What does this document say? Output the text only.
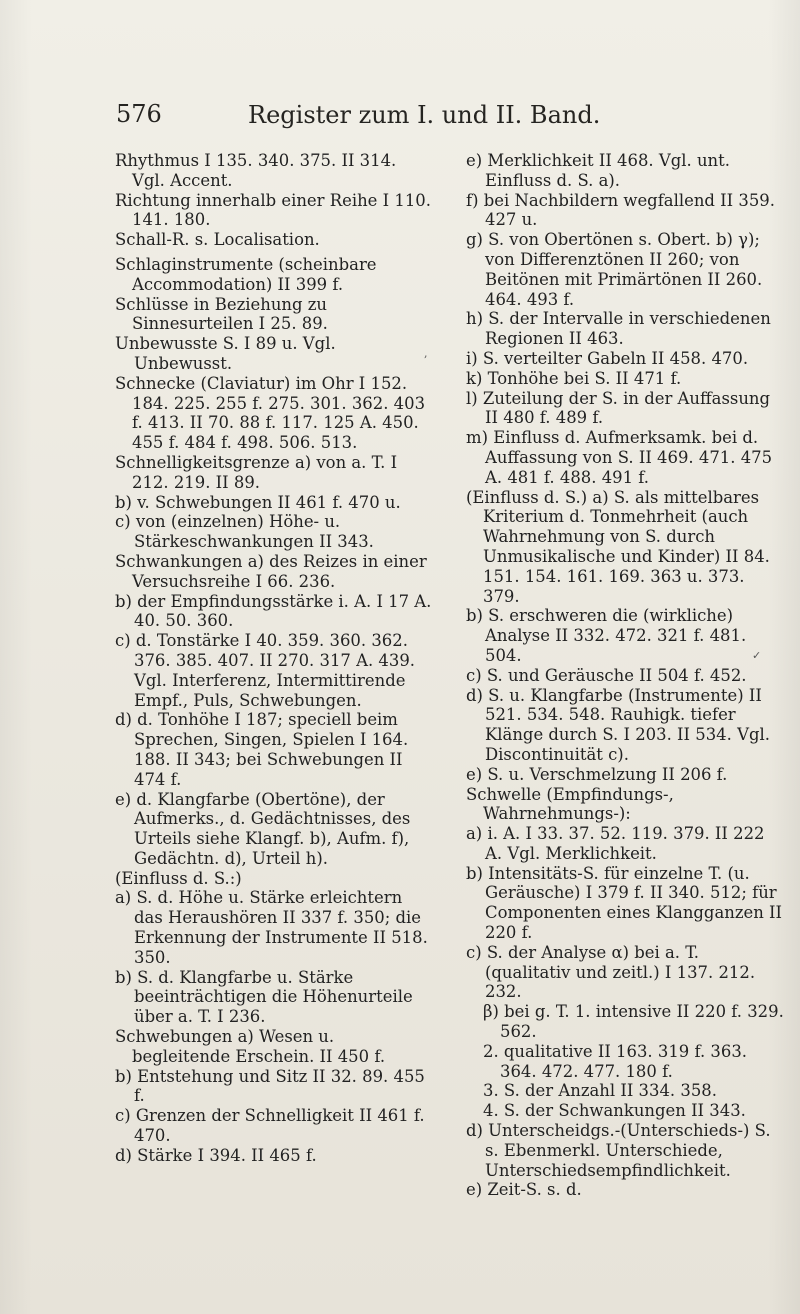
576	Register zum I. und II. Band.

Rhythmus I 135. 340. 375. II 314. Vgl. Accent.

Richtung innerhalb einer Reihe I 110. 141. 180.

Schall-R. s. Localisation.

Schlaginstrumente (scheinbare Accommodation) II 399 f.

Schlüsse in Beziehung zu Sinnesurteilen I 25. 89.

Unbewusste S. I 89 u. Vgl. Unbewusst.

Schnecke (Claviatur) im Ohr I 152. 184. 225. 255 f. 275. 301. 362. 403 f. 413. II 70. 88 f. 117. 125 A. 450. 455 f. 484 f. 498. 506. 513.

Schnelligkeitsgrenze a) von a. T. I 212. 219. II 89.

b) v. Schwebungen II 461 f. 470 u.

c) von (einzelnen) Höhe- u. Stärkeschwankungen II 343.

Schwankungen a) des Reizes in einer Versuchsreihe I 66. 236.

b) der Empfindungsstärke i. A. I 17 A. 40. 50. 360.

c) d. Tonstärke I 40. 359. 360. 362. 376. 385. 407. II 270. 317 A. 439. Vgl. Interferenz, Intermittirende Empf., Puls, Schwebungen.

d) d. Tonhöhe I 187; speciell beim Sprechen, Singen, Spielen I 164. 188. II 343; bei Schwebungen II 474 f.

e) d. Klangfarbe (Obertöne), der Aufmerks., d. Gedächtnisses, des Urteils siehe Klangf. b), Aufm. f), Gedächtn. d), Urteil h).

(Einfluss d. S.:)

a) S. d. Höhe u. Stärke erleichtern das Heraushören II 337 f. 350; die Erkennung der Instrumente II 518. 350.

b) S. d. Klangfarbe u. Stärke beeinträchtigen die Höhenurteile über a. T. I 236.

Schwebungen a) Wesen u. begleitende Erschein. II 450 f.

b) Entstehung und Sitz II 32. 89. 455 f.

c) Grenzen der Schnelligkeit II 461 f. 470.

d) Stärke I 394. II 465 f.

e) Merklichkeit II 468. Vgl. unt. Einfluss d. S. a).

f) bei Nachbildern wegfallend II 359. 427 u.

g) S. von Obertönen s. Obert. b) γ); von Differenztönen II 260; von Beitönen mit Primärtönen II 260. 464. 493 f.

h) S. der Intervalle in verschiedenen Regionen II 463.

i) S. verteilter Gabeln II 458. 470.

k) Tonhöhe bei S. II 471 f.

l) Zuteilung der S. in der Auffassung II 480 f. 489 f.

m) Einfluss d. Aufmerksamk. bei d. Auffassung von S. II 469. 471. 475 A. 481 f. 488. 491 f.

(Einfluss d. S.) a) S. als mittelbares Kriterium d. Tonmehrheit (auch Wahrnehmung von S. durch Unmusikalische und Kinder) II 84. 151. 154. 161. 169. 363 u. 373. 379.

b) S. erschweren die (wirkliche) Analyse II 332. 472. 321 f. 481. 504.

c) S. und Geräusche II 504 f. 452.

d) S. u. Klangfarbe (Instrumente) II 521. 534. 548. Rauhigk. tiefer Klänge durch S. I 203. II 534. Vgl. Discontinuität c).

e) S. u. Verschmelzung II 206 f.

Schwelle (Empfindungs-, Wahrnehmungs-):

a) i. A. I 33. 37. 52. 119. 379. II 222 A. Vgl. Merklichkeit.

b) Intensitäts-S. für einzelne T. (u. Geräusche) I 379 f. II 340. 512; für Componenten eines Klangganzen II 220 f.

c) S. der Analyse α) bei a. T. (qualitativ und zeitl.) I 137. 212. 232.

β) bei g. T. 1. intensive II 220 f. 329. 562.

2. qualitative II 163. 319 f. 363. 364. 472. 477. 180 f.

3. S. der Anzahl II 334. 358.

4. S. der Schwankungen II 343.

d) Unterscheidgs.-(Unterschieds-) S. s. Ebenmerkl. Unterschiede, Unterschiedsempfindlichkeit.

e) Zeit-S. s. d.

,
✓
